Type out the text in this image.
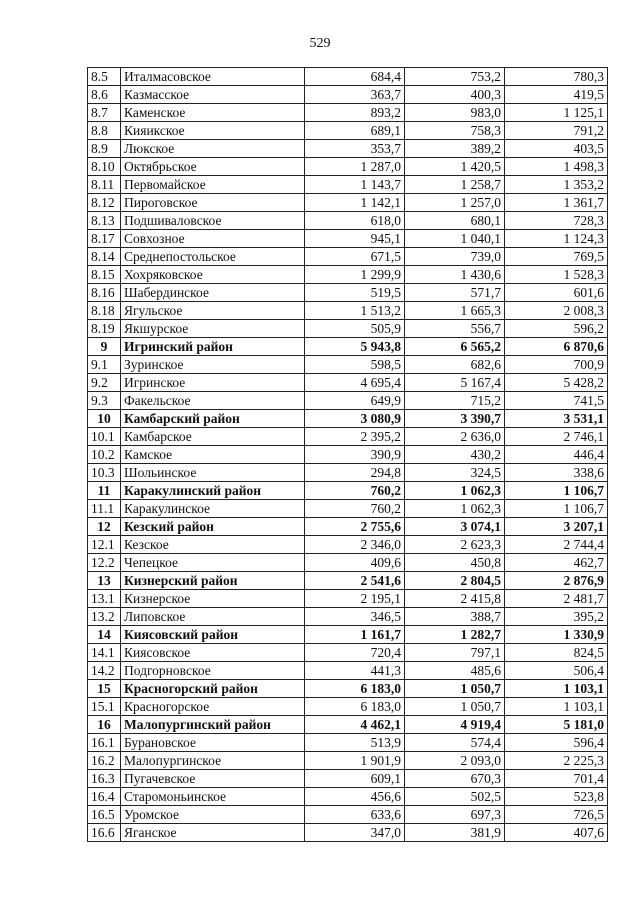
529
8.5	Италмасовское	684,4	753,2	780,3
8.6	Казмасское	363,7	400,3	419,5
8.7	Каменское	893,2	983,0	1 125,1
8.8	Кияикское	689,1	758,3	791,2
8.9	Люкское	353,7	389,2	403,5
8.10	Октябрьское	1 287,0	1 420,5	1 498,3
8.11	Первомайское	1 143,7	1 258,7	1 353,2
8.12	Пироговское	1 142,1	1 257,0	1 361,7
8.13	Подшиваловское	618,0	680,1	728,3
8.17	Совхозное	945,1	1 040,1	1 124,3
8.14	Среднепостольское	671,5	739,0	769,5
8.15	Хохряковское	1 299,9	1 430,6	1 528,3
8.16	Шабердинское	519,5	571,7	601,6
8.18	Ягульское	1 513,2	1 665,3	2 008,3
8.19	Якшурское	505,9	556,7	596,2
9	Игринский район	5 943,8	6 565,2	6 870,6
9.1	Зуринское	598,5	682,6	700,9
9.2	Игринское	4 695,4	5 167,4	5 428,2
9.3	Факельское	649,9	715,2	741,5
10	Камбарский район	3 080,9	3 390,7	3 531,1
10.1	Камбарское	2 395,2	2 636,0	2 746,1
10.2	Камское	390,9	430,2	446,4
10.3	Шольинское	294,8	324,5	338,6
11	Каракулинский район	760,2	1 062,3	1 106,7
11.1	Каракулинское	760,2	1 062,3	1 106,7
12	Кезский район	2 755,6	3 074,1	3 207,1
12.1	Кезское	2 346,0	2 623,3	2 744,4
12.2	Чепецкое	409,6	450,8	462,7
13	Кизнерский район	2 541,6	2 804,5	2 876,9
13.1	Кизнерское	2 195,1	2 415,8	2 481,7
13.2	Липовское	346,5	388,7	395,2
14	Киясовский район	1 161,7	1 282,7	1 330,9
14.1	Киясовское	720,4	797,1	824,5
14.2	Подгорновское	441,3	485,6	506,4
15	Красногорский район	6 183,0	1 050,7	1 103,1
15.1	Красногорское	6 183,0	1 050,7	1 103,1
16	Малопургинский район	4 462,1	4 919,4	5 181,0
16.1	Бурановское	513,9	574,4	596,4
16.2	Малопургинское	1 901,9	2 093,0	2 225,3
16.3	Пугачевское	609,1	670,3	701,4
16.4	Старомоньинское	456,6	502,5	523,8
16.5	Уромское	633,6	697,3	726,5
16.6	Яганское	347,0	381,9	407,6
